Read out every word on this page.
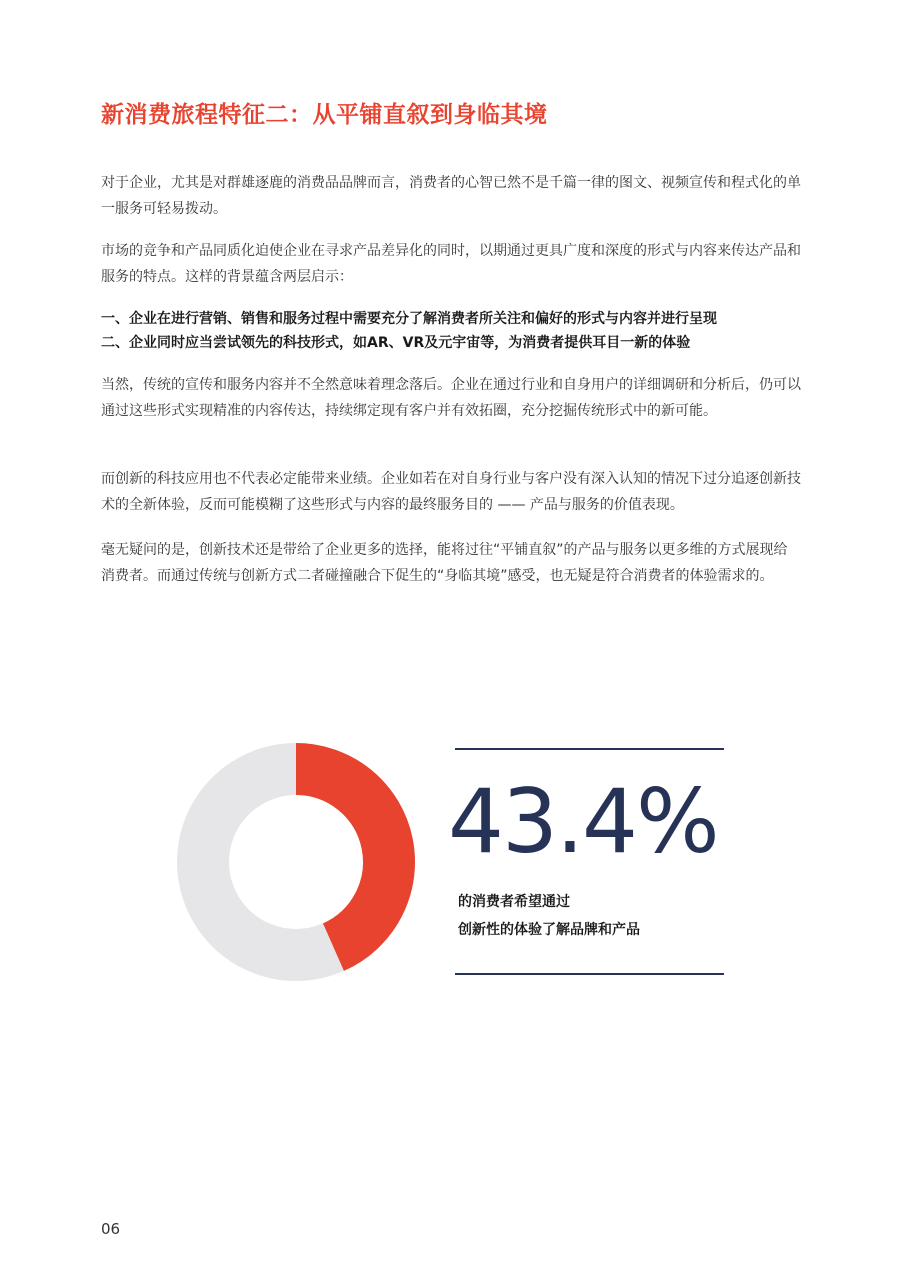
新消费旅程特征二：从平铺直叙到身临其境

对于企业，尤其是对群雄逐鹿的消费品品牌而言，消费者的心智已然不是千篇一律的图文、视频宣传和程式化的单一服务可轻易拨动。

市场的竞争和产品同质化迫使企业在寻求产品差异化的同时，以期通过更具广度和深度的形式与内容来传达产品和服务的特点。这样的背景蕴含两层启示：

一、企业在进行营销、销售和服务过程中需要充分了解消费者所关注和偏好的形式与内容并进行呈现

二、企业同时应当尝试领先的科技形式，如AR、VR及元宇宙等，为消费者提供耳目一新的体验

当然，传统的宣传和服务内容并不全然意味着理念落后。企业在通过行业和自身用户的详细调研和分析后，仍可以通过这些形式实现精准的内容传达，持续绑定现有客户并有效拓圈，充分挖掘传统形式中的新可能。

而创新的科技应用也不代表必定能带来业绩。企业如若在对自身行业与客户没有深入认知的情况下过分追逐创新技术的全新体验，反而可能模糊了这些形式与内容的最终服务目的 —— 产品与服务的价值表现。

毫无疑问的是，创新技术还是带给了企业更多的选择，能将过往“平铺直叙”的产品与服务以更多维的方式展现给消费者。而通过传统与创新方式二者碰撞融合下促生的“身临其境”感受，也无疑是符合消费者的体验需求的。

43.4%

的消费者希望通过

创新性的体验了解品牌和产品

06
